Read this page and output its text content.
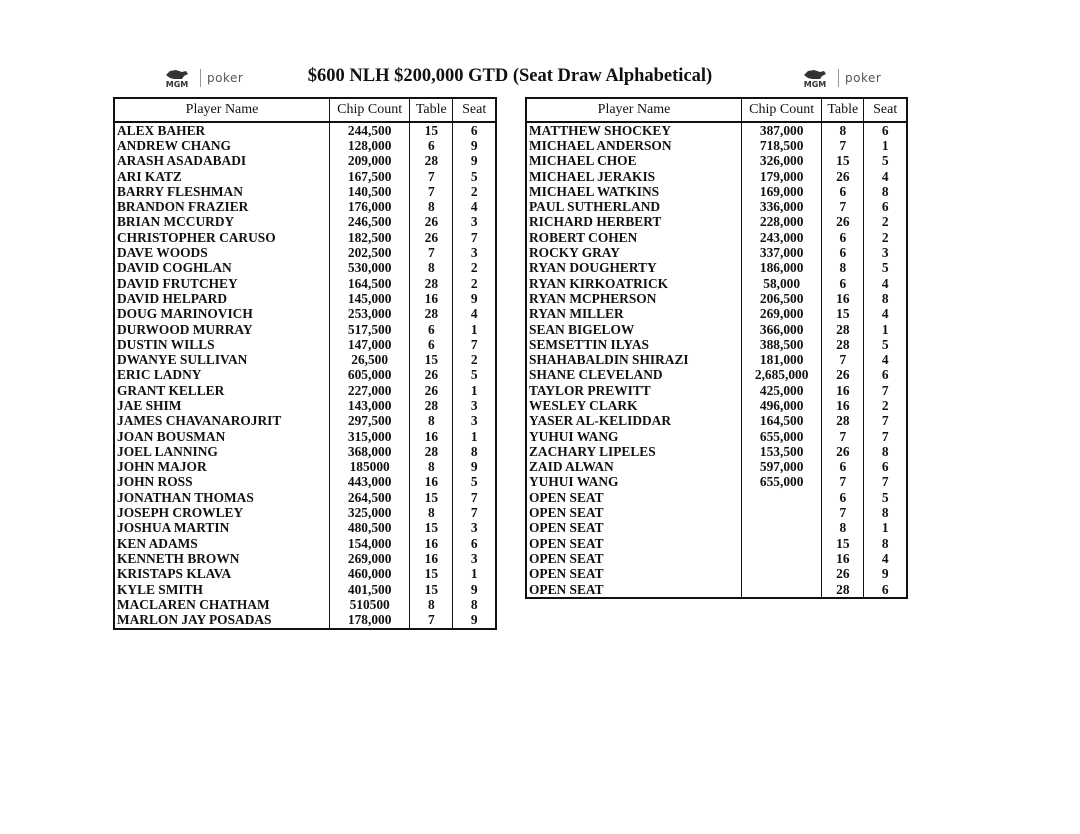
MGM poker	$600 NLH $200,000 GTD (Seat Draw Alphabetical)	MGM poker
Player Name	Chip Count	Table	Seat
ALEX BAHER	244,500	15	6
ANDREW CHANG	128,000	6	9
ARASH ASADABADI	209,000	28	9
ARI KATZ	167,500	7	5
BARRY FLESHMAN	140,500	7	2
BRANDON FRAZIER	176,000	8	4
BRIAN MCCURDY	246,500	26	3
CHRISTOPHER CARUSO	182,500	26	7
DAVE WOODS	202,500	7	3
DAVID COGHLAN	530,000	8	2
DAVID FRUTCHEY	164,500	28	2
DAVID HELPARD	145,000	16	9
DOUG MARINOVICH	253,000	28	4
DURWOOD MURRAY	517,500	6	1
DUSTIN WILLS	147,000	6	7
DWANYE SULLIVAN	26,500	15	2
ERIC LADNY	605,000	26	5
GRANT KELLER	227,000	26	1
JAE SHIM	143,000	28	3
JAMES CHAVANAROJRIT	297,500	8	3
JOAN BOUSMAN	315,000	16	1
JOEL LANNING	368,000	28	8
JOHN MAJOR	185000	8	9
JOHN ROSS	443,000	16	5
JONATHAN THOMAS	264,500	15	7
JOSEPH CROWLEY	325,000	8	7
JOSHUA MARTIN	480,500	15	3
KEN ADAMS	154,000	16	6
KENNETH BROWN	269,000	16	3
KRISTAPS KLAVA	460,000	15	1
KYLE SMITH	401,500	15	9
MACLAREN CHATHAM	510500	8	8
MARLON JAY POSADAS	178,000	7	9
Player Name	Chip Count	Table	Seat
MATTHEW SHOCKEY	387,000	8	6
MICHAEL ANDERSON	718,500	7	1
MICHAEL CHOE	326,000	15	5
MICHAEL JERAKIS	179,000	26	4
MICHAEL WATKINS	169,000	6	8
PAUL SUTHERLAND	336,000	7	6
RICHARD HERBERT	228,000	26	2
ROBERT COHEN	243,000	6	2
ROCKY GRAY	337,000	6	3
RYAN DOUGHERTY	186,000	8	5
RYAN KIRKOATRICK	58,000	6	4
RYAN MCPHERSON	206,500	16	8
RYAN MILLER	269,000	15	4
SEAN BIGELOW	366,000	28	1
SEMSETTIN ILYAS	388,500	28	5
SHAHABALDIN SHIRAZI	181,000	7	4
SHANE CLEVELAND	2,685,000	26	6
TAYLOR PREWITT	425,000	16	7
WESLEY CLARK	496,000	16	2
YASER AL-KELIDDAR	164,500	28	7
YUHUI WANG	655,000	7	7
ZACHARY LIPELES	153,500	26	8
ZAID ALWAN	597,000	6	6
YUHUI WANG	655,000	7	7
OPEN SEAT		6	5
OPEN SEAT		7	8
OPEN SEAT		8	1
OPEN SEAT		15	8
OPEN SEAT		16	4
OPEN SEAT		26	9
OPEN SEAT		28	6
